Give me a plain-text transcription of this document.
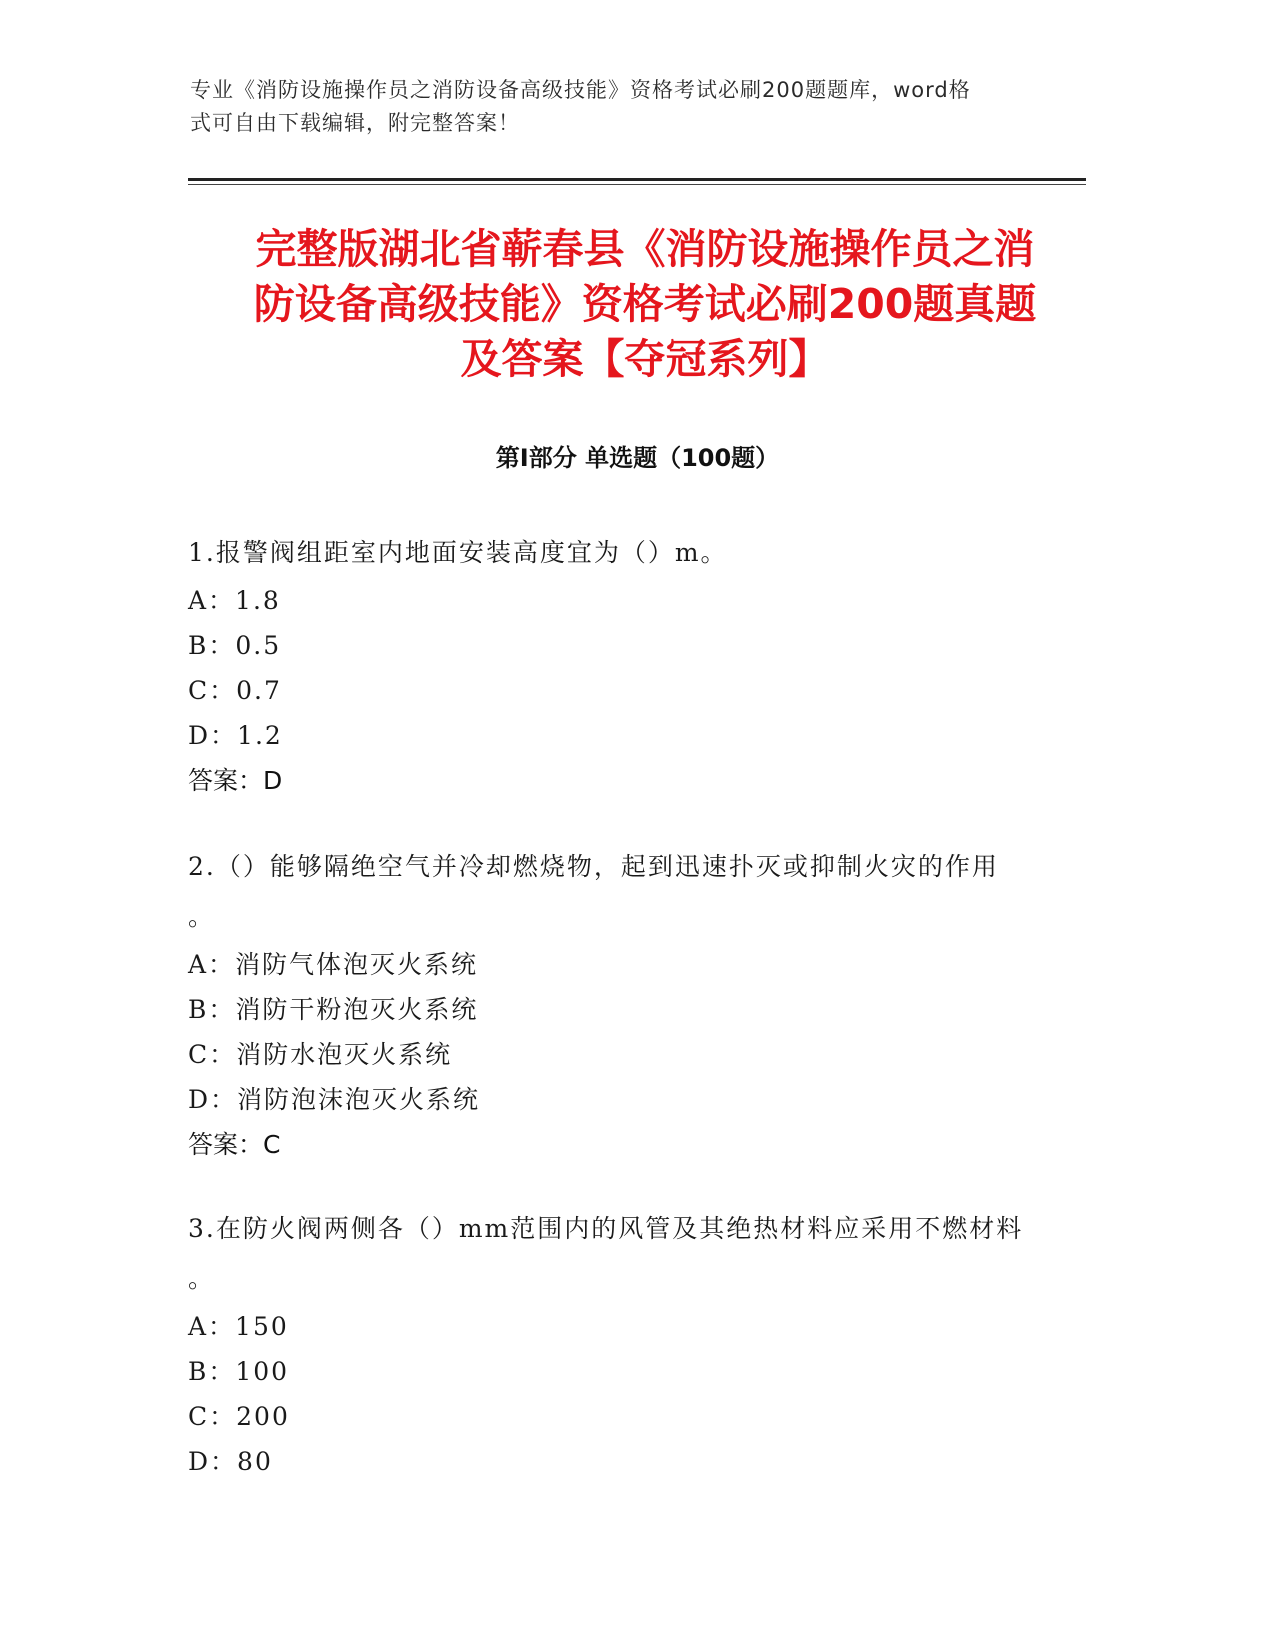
专业《消防设施操作员之消防设备高级技能》资格考试必刷200题题库，word格
式可自由下载编辑，附完整答案！
完整版湖北省蕲春县《消防设施操作员之消
防设备高级技能》资格考试必刷200题真题
及答案【夺冠系列】
第Ⅰ部分 单选题（100题）
1.报警阀组距室内地面安装高度宜为（）m。
A：1.8
B：0.5
C：0.7
D：1.2
答案：D
2.（）能够隔绝空气并冷却燃烧物，起到迅速扑灭或抑制火灾的作用
。
A：消防气体泡灭火系统
B：消防干粉泡灭火系统
C：消防水泡灭火系统
D：消防泡沫泡灭火系统
答案：C
3.在防火阀两侧各（）mm范围内的风管及其绝热材料应采用不燃材料
。
A：150
B：100
C：200
D：80
